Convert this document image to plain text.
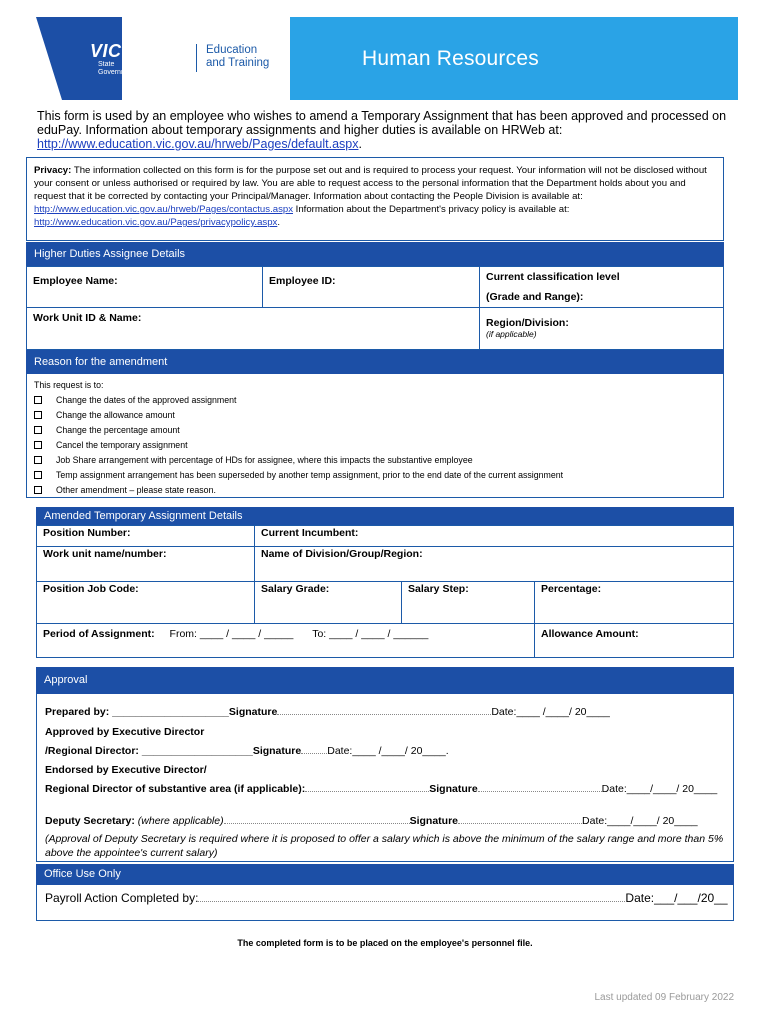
VICTORIA
State Government
Education
and Training	Human Resources
This form is used by an employee who wishes to amend a Temporary Assignment that has been approved and processed on eduPay. Information about temporary assignments and higher duties is available on HRWeb at: http://www.education.vic.gov.au/hrweb/Pages/default.aspx.
Privacy: The information collected on this form is for the purpose set out and is required to process your request. Your information will not be disclosed without your consent or unless authorised or required by law. You are able to request access to the personal information that the Department holds about you and request that it be corrected by contacting your Principal/Manager. Information about contacting the People Division is available at: http://www.education.vic.gov.au/hrweb/Pages/contactus.aspx Information about the Department's privacy policy is available at: http://www.education.vic.gov.au/Pages/privacypolicy.aspx.
Higher Duties Assignee Details
Employee Name:	Employee ID:	Current classification level
(Grade and Range):

Work Unit ID & Name:		Region/Division:
(if applicable)
Reason for the amendment
This request is to:
Change the dates of the approved assignment
Change the allowance amount
Change the percentage amount
Cancel the temporary assignment
Job Share arrangement with percentage of HDs for assignee, where this impacts the substantive employee
Temp assignment arrangement has been superseded by another temp assignment, prior to the end date of the current assignment
Other amendment – please state reason.
Amended Temporary Assignment Details
Position Number:	Current Incumbent:		
Work unit name/number:	Name of Division/Group/Region:		
Position Job Code:	Salary Grade:	Salary Step:	Percentage:
Period of Assignment: From: ____ / ____ / _____ To: ____ / ____ / ______			Allowance Amount:
Approval
Prepared by: ____________________Signature	Date:____ /____/ 20____
Approved by Executive Director
/Regional Director: ___________________Signature Date:____ /____/ 20____.
Endorsed by Executive Director/
Regional Director of substantive area (if applicable):	Signature	Date:____/____/ 20____
Deputy Secretary: (where applicable)	Signature	Date:____/____/ 20____
(Approval of Deputy Secretary is required where it is proposed to offer a salary which is above the minimum of the salary range and more than 5% above the appointee's current salary)
Office Use Only
Payroll Action Completed by:	Date:___/___/20__
The completed form is to be placed on the employee's personnel file.
Last updated 09 February 2022
